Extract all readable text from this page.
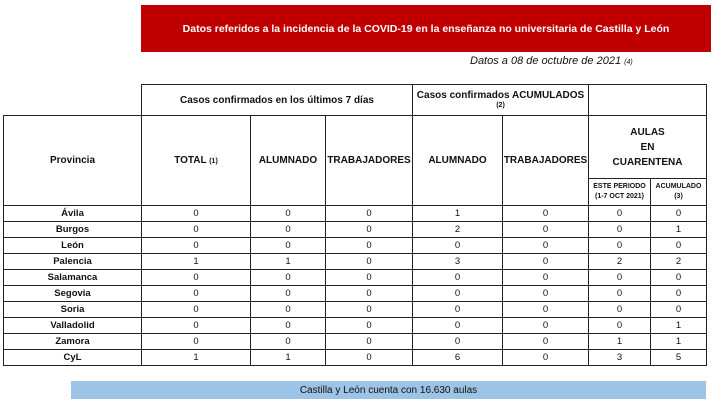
Datos referidos a la incidencia de la COVID-19 en la enseñanza no universitaria de Castilla y León
Datos a 08 de octubre de 2021 (4)
	Casos confirmados en los últimos 7 días			Casos confirmados ACUMULADOS
(2)			

Provincia	TOTAL (1)	ALUMNADO	TRABAJADORES	ALUMNADO	TRABAJADORES	AULAS
EN
CUARENTENA	

						ESTE PERIODO (1-7 OCT 2021)	ACUMULADO
(3)

Ávila	0	0	0	1	0	0	0
Burgos	0	0	0	2	0	0	1
León	0	0	0	0	0	0	0
Palencia	1	1	0	3	0	2	2
Salamanca	0	0	0	0	0	0	0
Segovia	0	0	0	0	0	0	0
Soria	0	0	0	0	0	0	0
Valladolid	0	0	0	0	0	0	1
Zamora	0	0	0	0	0	1	1
CyL	1	1	0	6	0	3	5
Castilla y León cuenta con 16.630 aulas
